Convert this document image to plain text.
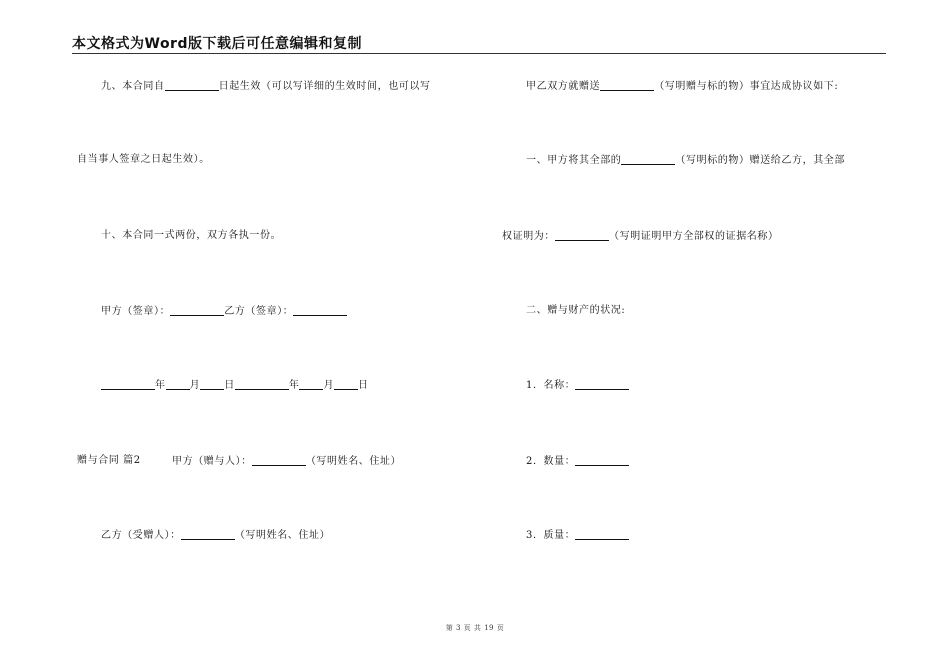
本文格式为Word版下载后可任意编辑和复制
九、本合同自	日起生效（可以写详细的生效时间，也可以写
自当事人签章之日起生效）。
十、本合同一式两份，双方各执一份。
甲方（签章）：	乙方（签章）：
年 月 日	年 月 日
赠与合同 篇2	甲方（赠与人）：	（写明姓名、住址）
乙方（受赠人）：	（写明姓名、住址）
甲乙双方就赠送	（写明赠与标的物）事宜达成协议如下:
一、甲方将其全部的	（写明标的物）赠送给乙方，其全部
权证明为：	（写明证明甲方全部权的证据名称）
二、赠与财产的状况:
1．名称：
2．数量：
3．质量：
第 3 页 共 19 页
